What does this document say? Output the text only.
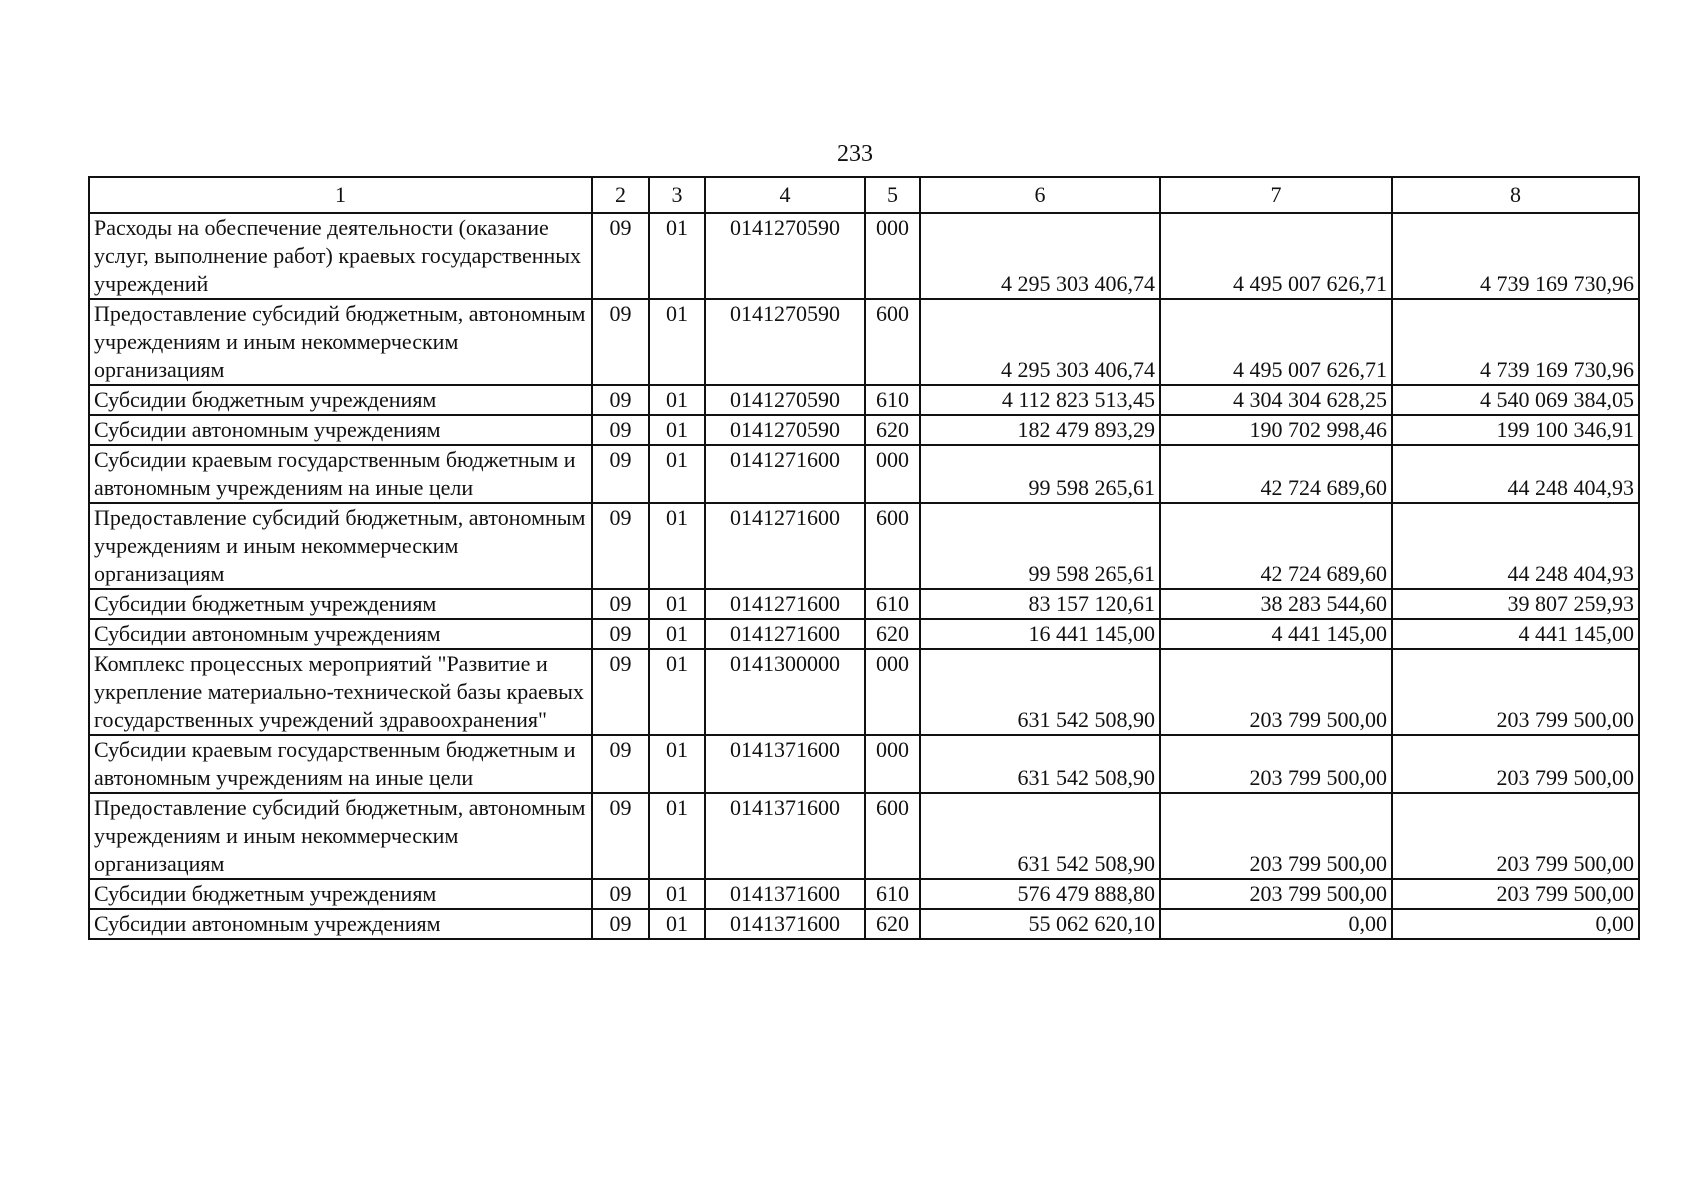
233
1	2	3	4	5	6	7	8
Расходы на обеспечение деятельности (оказание услуг, выполнение работ) краевых государственных учреждений	09	01	0141270590	000	4 295 303 406,74	4 495 007 626,71	4 739 169 730,96
Предоставление субсидий бюджетным, автономным учреждениям и иным некоммерческим организациям	09	01	0141270590	600	4 295 303 406,74	4 495 007 626,71	4 739 169 730,96
Субсидии бюджетным учреждениям	09	01	0141270590	610	4 112 823 513,45	4 304 304 628,25	4 540 069 384,05
Субсидии автономным учреждениям	09	01	0141270590	620	182 479 893,29	190 702 998,46	199 100 346,91
Субсидии краевым государственным бюджетным и автономным учреждениям на иные цели	09	01	0141271600	000	99 598 265,61	42 724 689,60	44 248 404,93
Предоставление субсидий бюджетным, автономным учреждениям и иным некоммерческим организациям	09	01	0141271600	600	99 598 265,61	42 724 689,60	44 248 404,93
Субсидии бюджетным учреждениям	09	01	0141271600	610	83 157 120,61	38 283 544,60	39 807 259,93
Субсидии автономным учреждениям	09	01	0141271600	620	16 441 145,00	4 441 145,00	4 441 145,00
Комплекс процессных мероприятий "Развитие и укрепление материально-технической базы краевых государственных учреждений здравоохранения"	09	01	0141300000	000	631 542 508,90	203 799 500,00	203 799 500,00
Субсидии краевым государственным бюджетным и автономным учреждениям на иные цели	09	01	0141371600	000	631 542 508,90	203 799 500,00	203 799 500,00
Предоставление субсидий бюджетным, автономным учреждениям и иным некоммерческим организациям	09	01	0141371600	600	631 542 508,90	203 799 500,00	203 799 500,00
Субсидии бюджетным учреждениям	09	01	0141371600	610	576 479 888,80	203 799 500,00	203 799 500,00
Субсидии автономным учреждениям	09	01	0141371600	620	55 062 620,10	0,00	0,00
